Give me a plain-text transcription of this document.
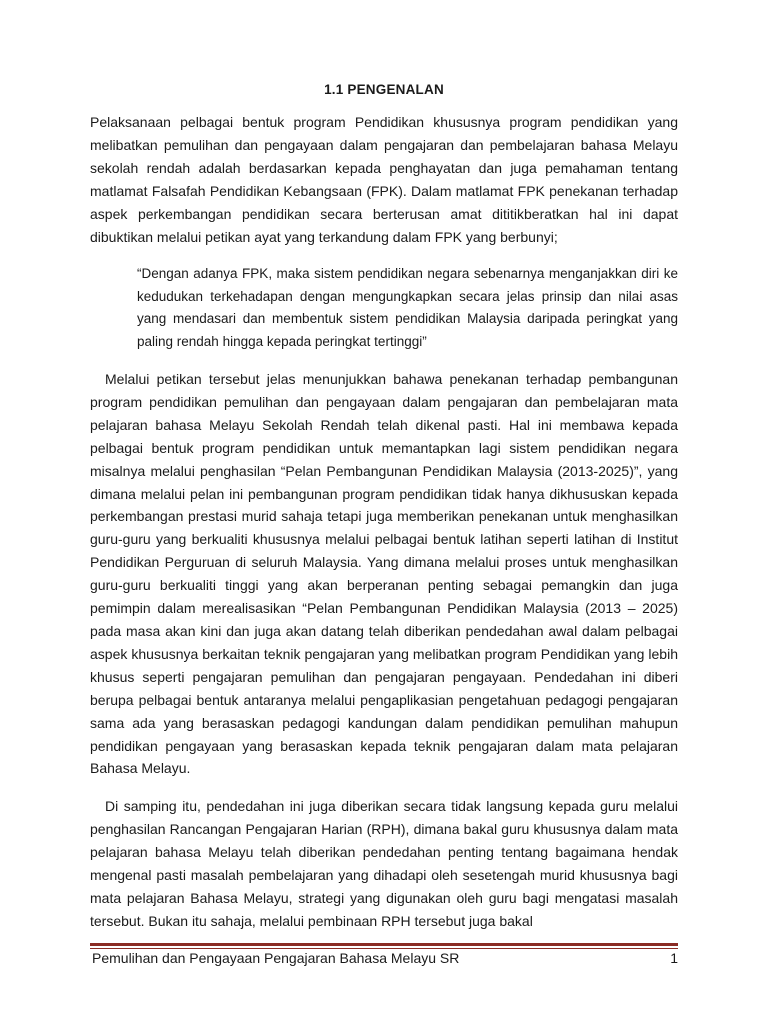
1.1 PENGENALAN

Pelaksanaan pelbagai bentuk program Pendidikan khususnya program pendidikan yang melibatkan pemulihan dan pengayaan dalam pengajaran dan pembelajaran bahasa Melayu sekolah rendah adalah berdasarkan kepada penghayatan dan juga pemahaman tentang matlamat Falsafah Pendidikan Kebangsaan (FPK). Dalam matlamat FPK penekanan terhadap aspek perkembangan pendidikan secara berterusan amat dititikberatkan hal ini dapat dibuktikan melalui petikan ayat yang terkandung dalam FPK yang berbunyi;

“Dengan adanya FPK, maka sistem pendidikan negara sebenarnya menganjakkan diri ke kedudukan terkehadapan dengan mengungkapkan secara jelas prinsip dan nilai asas yang mendasari dan membentuk sistem pendidikan Malaysia daripada peringkat yang paling rendah hingga kepada peringkat tertinggi”

Melalui petikan tersebut jelas menunjukkan bahawa penekanan terhadap pembangunan program pendidikan pemulihan dan pengayaan dalam pengajaran dan pembelajaran mata pelajaran bahasa Melayu Sekolah Rendah telah dikenal pasti. Hal ini membawa kepada pelbagai bentuk program pendidikan untuk memantapkan lagi sistem pendidikan negara misalnya melalui penghasilan “Pelan Pembangunan Pendidikan Malaysia (2013-2025)”, yang dimana melalui pelan ini pembangunan program pendidikan tidak hanya dikhususkan kepada perkembangan prestasi murid sahaja tetapi juga memberikan penekanan untuk menghasilkan guru-guru yang berkualiti khususnya melalui pelbagai bentuk latihan seperti latihan di Institut Pendidikan Perguruan di seluruh Malaysia. Yang dimana melalui proses untuk menghasilkan guru-guru berkualiti tinggi yang akan berperanan penting sebagai pemangkin dan juga pemimpin dalam merealisasikan “Pelan Pembangunan Pendidikan Malaysia (2013 – 2025) pada masa akan kini dan juga akan datang telah diberikan pendedahan awal dalam pelbagai aspek khususnya berkaitan teknik pengajaran yang melibatkan program Pendidikan yang lebih khusus seperti pengajaran pemulihan dan pengajaran pengayaan. Pendedahan ini diberi berupa pelbagai bentuk antaranya melalui pengaplikasian pengetahuan pedagogi pengajaran sama ada yang berasaskan pedagogi kandungan dalam pendidikan pemulihan mahupun pendidikan pengayaan yang berasaskan kepada teknik pengajaran dalam mata pelajaran Bahasa Melayu.

Di samping itu, pendedahan ini juga diberikan secara tidak langsung kepada guru melalui penghasilan Rancangan Pengajaran Harian (RPH), dimana bakal guru khususnya dalam mata pelajaran bahasa Melayu telah diberikan pendedahan penting tentang bagaimana hendak mengenal pasti masalah pembelajaran yang dihadapi oleh sesetengah murid khususnya bagi mata pelajaran Bahasa Melayu, strategi yang digunakan oleh guru bagi mengatasi masalah tersebut. Bukan itu sahaja, melalui pembinaan RPH tersebut juga bakal

Pemulihan dan Pengayaan Pengajaran Bahasa Melayu SR	1
